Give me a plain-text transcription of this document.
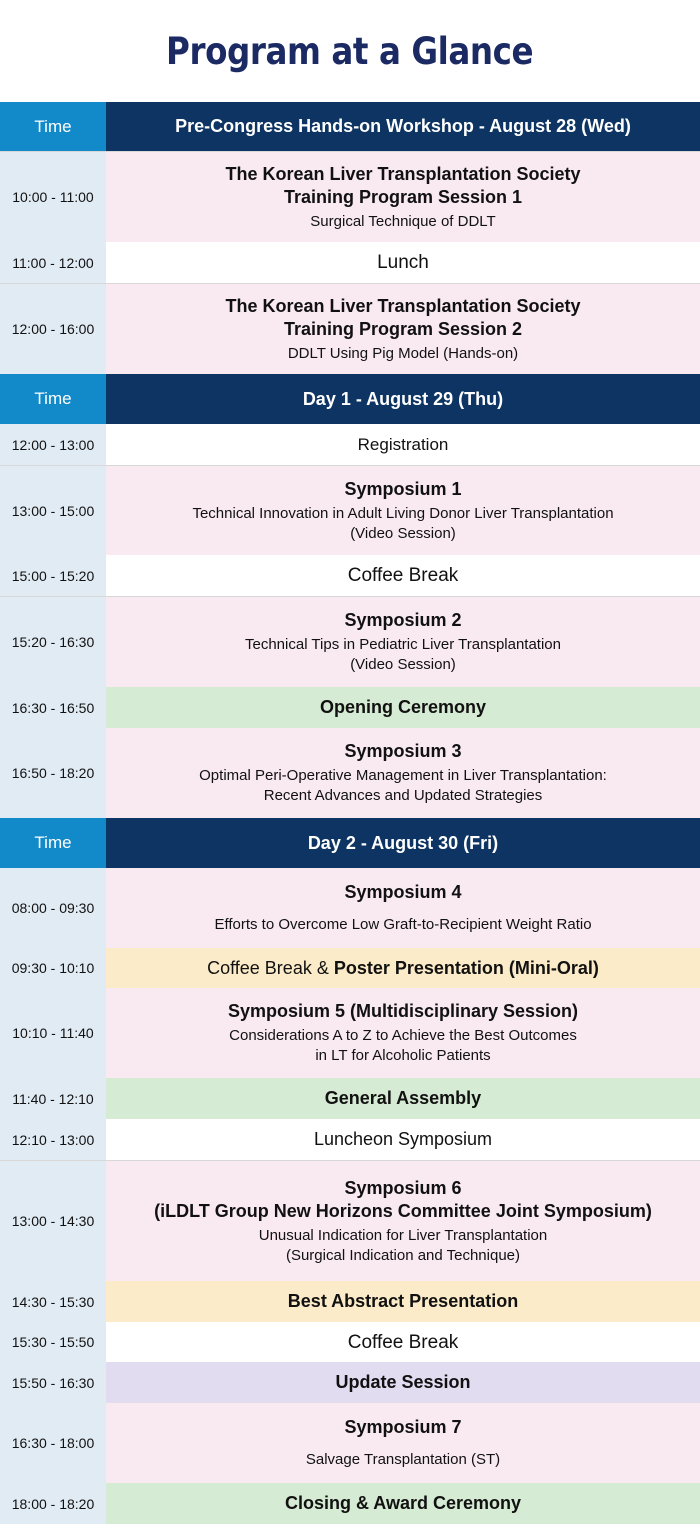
Program at a Glance
Time	Pre-Congress Hands-on Workshop - August 28 (Wed)
10:00 - 11:00
The Korean Liver Transplantation Society
Training Program Session 1
Surgical Technique of DDLT
11:00 - 12:00	Lunch
12:00 - 16:00
The Korean Liver Transplantation Society
Training Program Session 2
DDLT Using Pig Model (Hands-on)
Time	Day 1 - August 29 (Thu)
12:00 - 13:00	Registration
13:00 - 15:00
Symposium 1
Technical Innovation in Adult Living Donor Liver Transplantation
(Video Session)
15:00 - 15:20	Coffee Break
15:20 - 16:30
Symposium 2
Technical Tips in Pediatric Liver Transplantation
(Video Session)
16:30 - 16:50	Opening Ceremony
16:50 - 18:20
Symposium 3
Optimal Peri-Operative Management in Liver Transplantation:
Recent Advances and Updated Strategies
Time	Day 2 - August 30 (Fri)
08:00 - 09:30
Symposium 4
Efforts to Overcome Low Graft-to-Recipient Weight Ratio
09:30 - 10:10	Coffee Break & Poster Presentation (Mini-Oral)
10:10 - 11:40
Symposium 5 (Multidisciplinary Session)
Considerations A to Z to Achieve the Best Outcomes
in LT for Alcoholic Patients
11:40 - 12:10	General Assembly
12:10 - 13:00	Luncheon Symposium
13:00 - 14:30
Symposium 6
(iLDLT Group New Horizons Committee Joint Symposium)
Unusual Indication for Liver Transplantation
(Surgical Indication and Technique)
14:30 - 15:30	Best Abstract Presentation
15:30 - 15:50	Coffee Break
15:50 - 16:30	Update Session
16:30 - 18:00
Symposium 7
Salvage Transplantation (ST)
18:00 - 18:20	Closing & Award Ceremony
